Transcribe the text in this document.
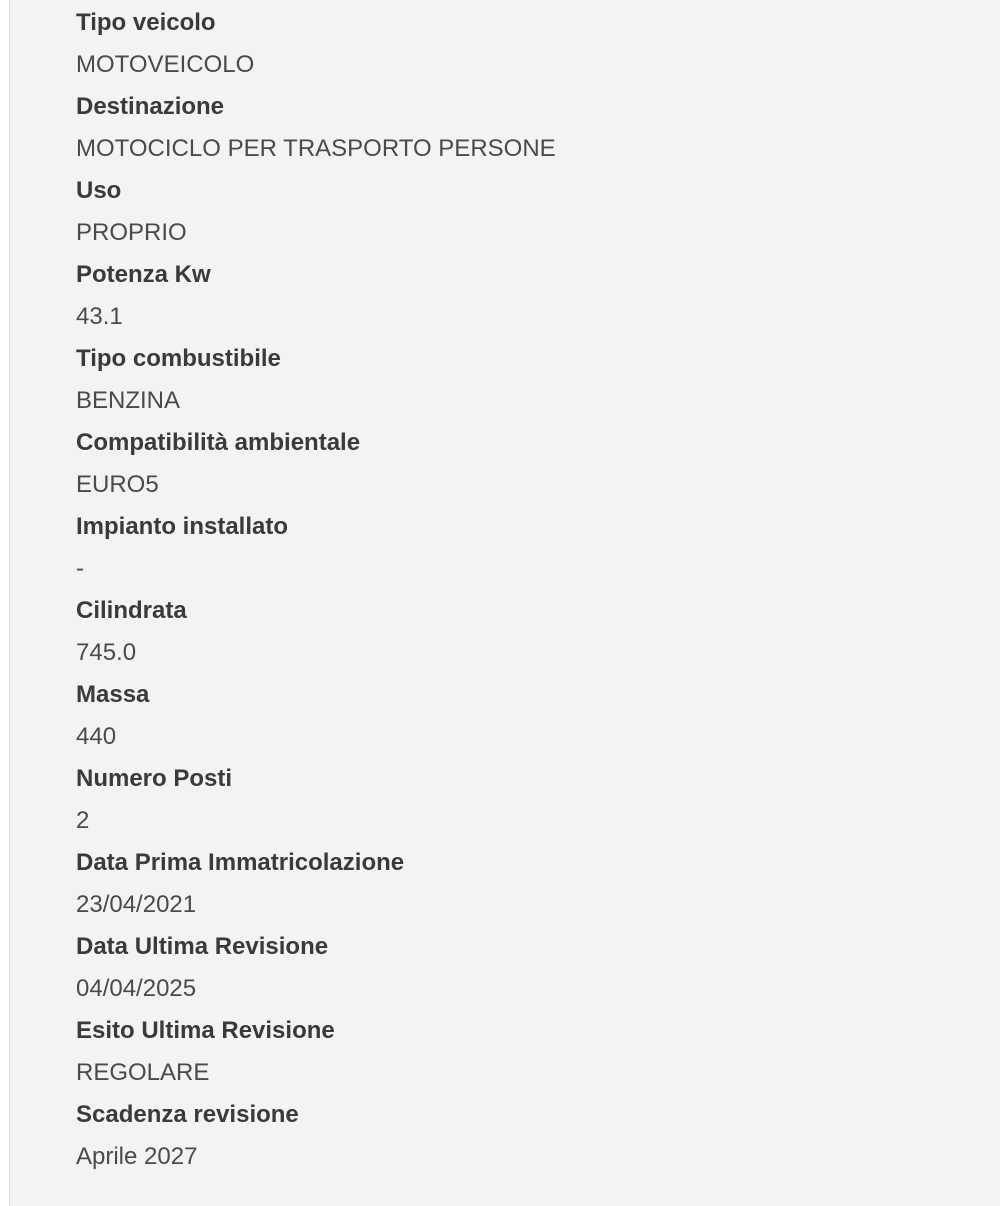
Tipo veicolo
MOTOVEICOLO
Destinazione
MOTOCICLO PER TRASPORTO PERSONE
Uso
PROPRIO
Potenza Kw
43.1
Tipo combustibile
BENZINA
Compatibilità ambientale
EURO5
Impianto installato
-
Cilindrata
745.0
Massa
440
Numero Posti
2
Data Prima Immatricolazione
23/04/2021
Data Ultima Revisione
04/04/2025
Esito Ultima Revisione
REGOLARE
Scadenza revisione
Aprile 2027
